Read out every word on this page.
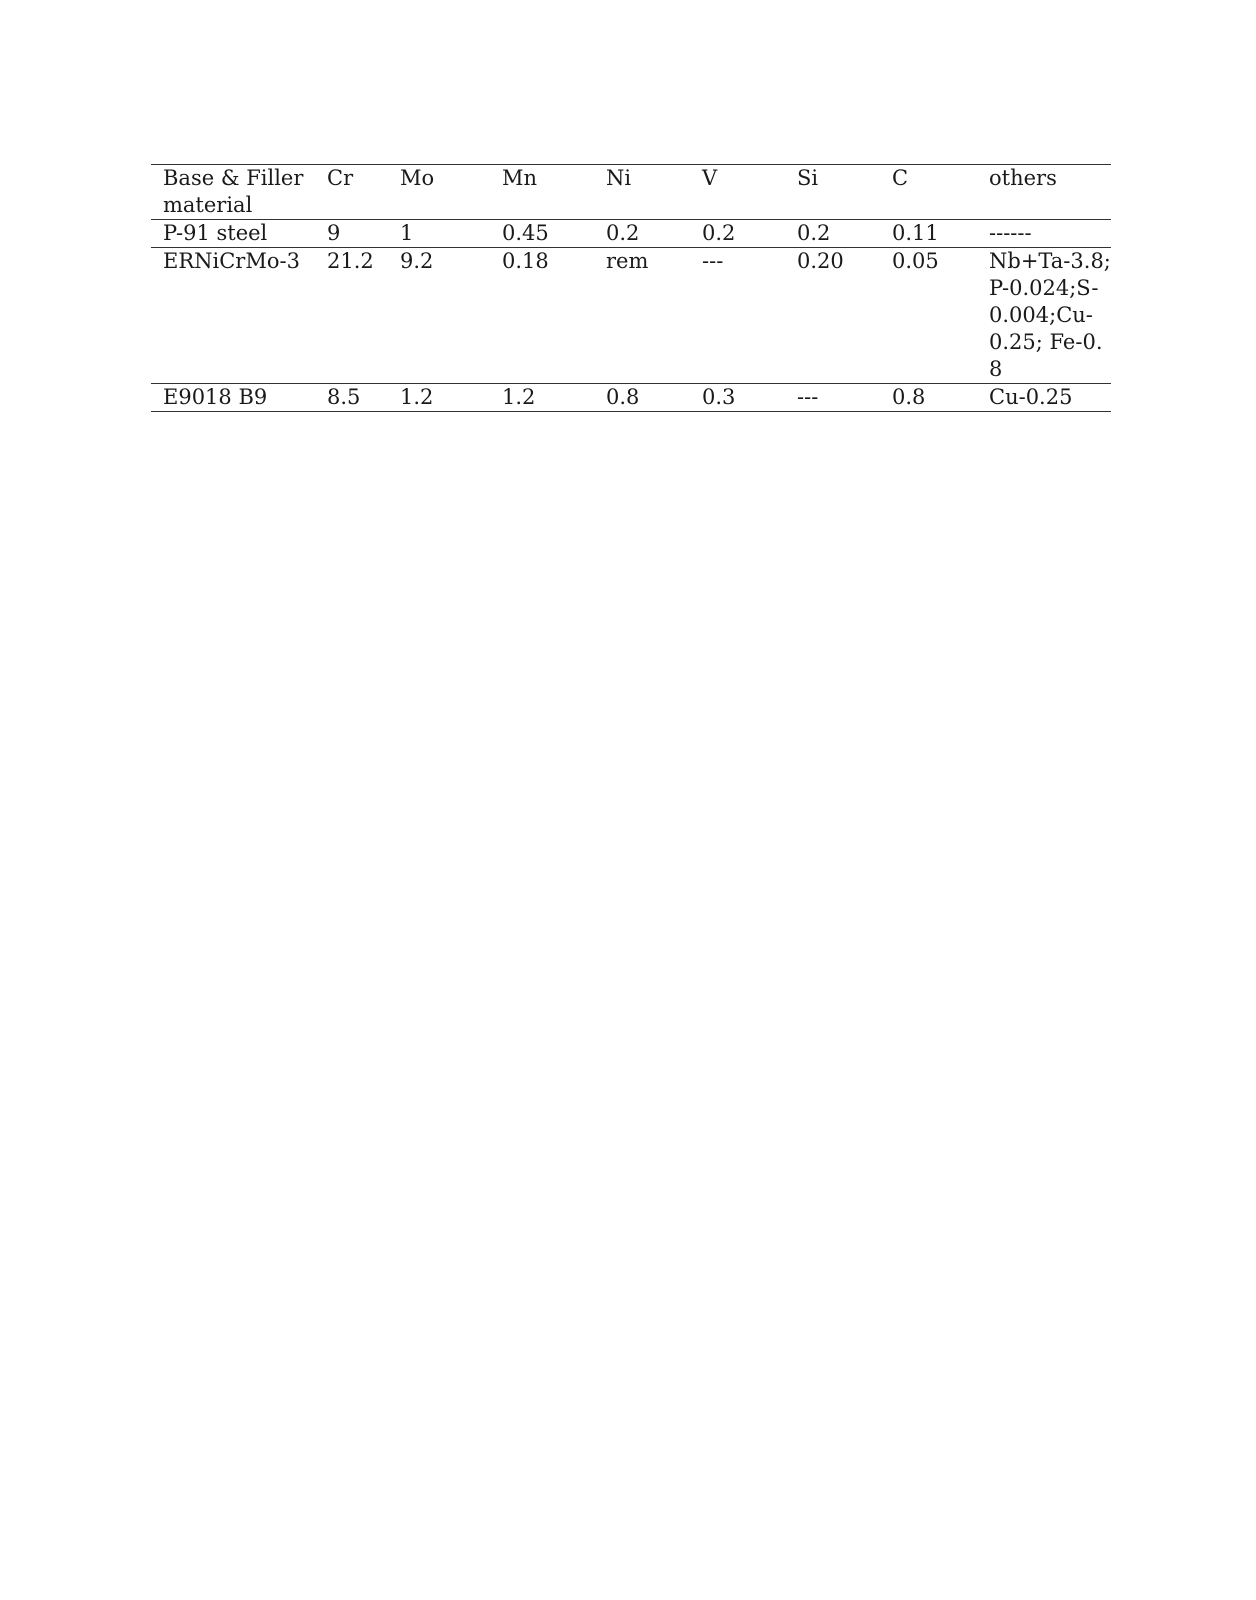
Base & Filler material	Cr	Mo	Mn	Ni	V	Si	C	others
P-91 steel	9	1	0.45	0.2	0.2	0.2	0.11	------
ERNiCrMo-3	21.2	9.2	0.18	rem	---	0.20	0.05	Nb+Ta-3.8;P-0.024;S-0.004;Cu-0.25; Fe-0.8
E9018 B9	8.5	1.2	1.2	0.8	0.3	---	0.8	Cu-0.25
